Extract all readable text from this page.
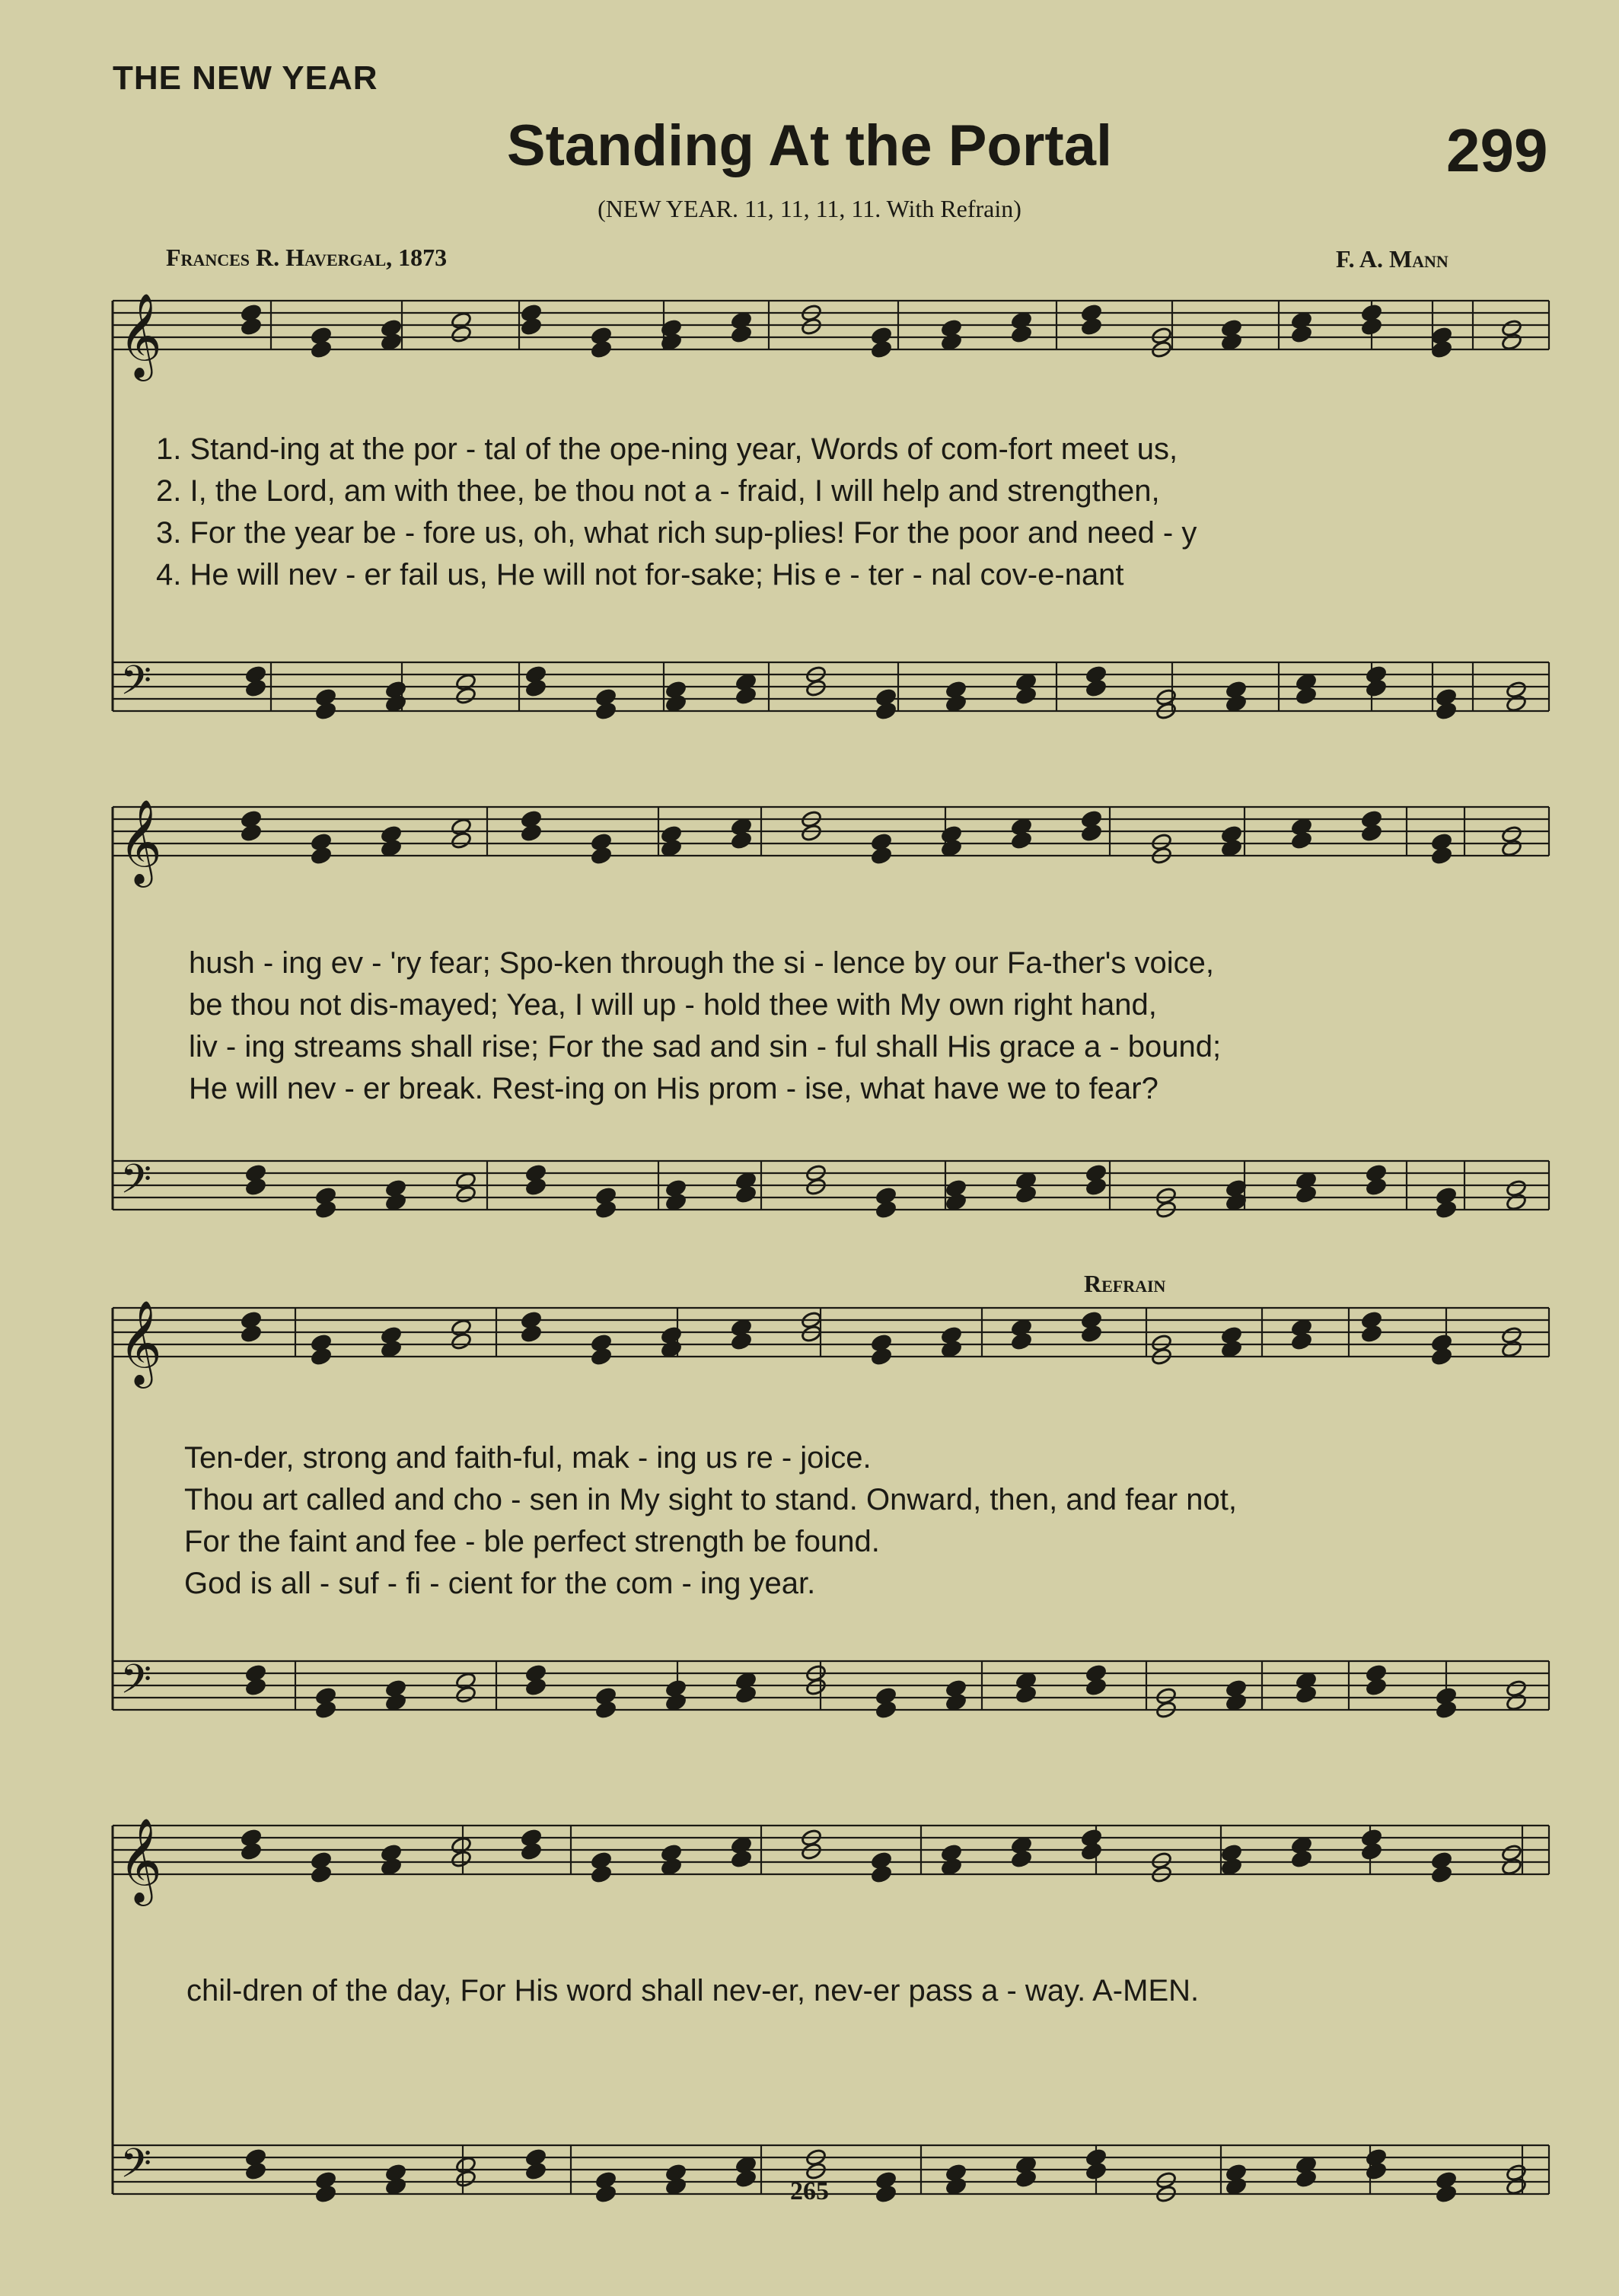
THE NEW YEAR
Standing At the Portal	299
(NEW YEAR. 11, 11, 11, 11. With Refrain)
Frances R. Havergal, 1873	F. A. Mann
Refrain
𝄞
𝄢
𝄞
𝄢
𝄞
𝄢
𝄞
𝄢
1. Stand-ing at the por - tal of the ope-ning year, Words of com-fort meet us,
2. I, the Lord, am with thee, be thou not a - fraid, I will help and strengthen,
3. For the year be - fore us, oh, what rich sup-plies! For the poor and need - y
4. He will nev - er fail us, He will not for-sake; His e - ter - nal cov-e-nant
hush - ing ev - 'ry fear; Spo-ken through the si - lence by our Fa-ther's voice,
be thou not dis-mayed; Yea, I will up - hold thee with My own right hand,
liv - ing streams shall rise; For the sad and sin - ful shall His grace a - bound;
He will nev - er break. Rest-ing on His prom - ise, what have we to fear?
Ten-der, strong and faith-ful, mak - ing us re - joice.
Thou art called and cho - sen in My sight to stand. Onward, then, and fear not,
For the faint and fee - ble perfect strength be found.
God is all - suf - fi - cient for the com - ing year.
chil-dren of the day, For His word shall nev-er, nev-er pass a - way. A-MEN.
265
